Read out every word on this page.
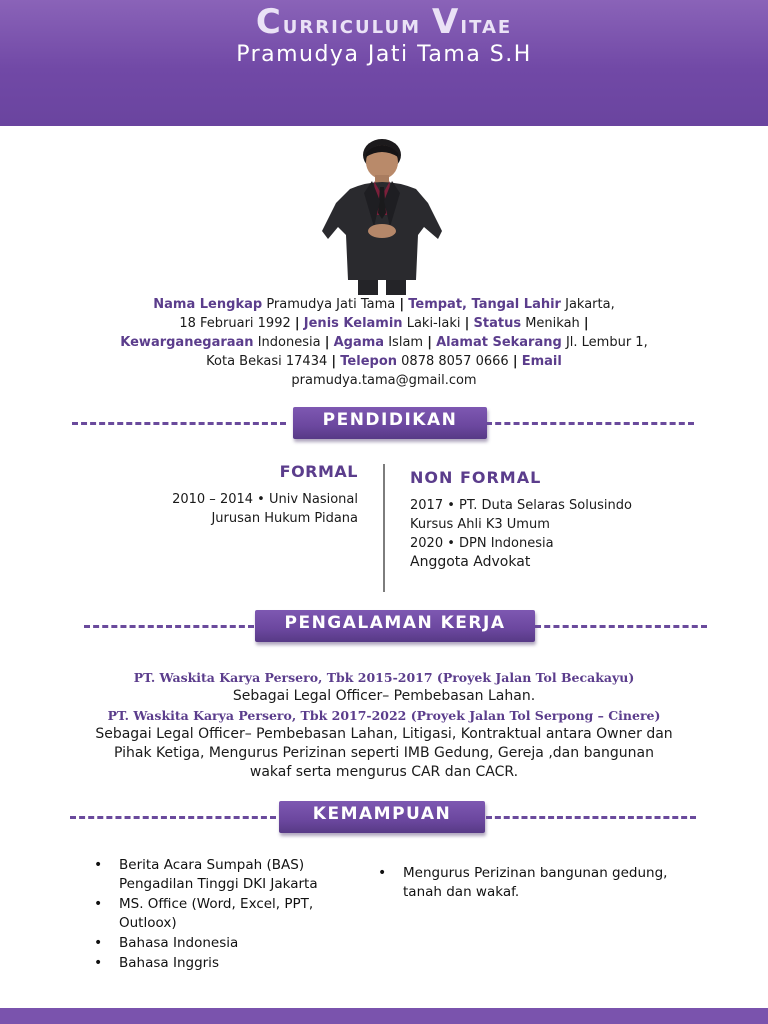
Curriculum Vitae
Pramudya Jati Tama S.H
Nama Lengkap Pramudya Jati Tama | Tempat, Tangal Lahir Jakarta,
18 Februari 1992 | Jenis Kelamin Laki-laki | Status Menikah |
Kewarganegaraan Indonesia | Agama Islam | Alamat Sekarang Jl. Lembur 1,
Kota Bekasi 17434 | Telepon 0878 8057 0666 | Email
pramudya.tama@gmail.com
PENDIDIKAN
FORMAL
2010 – 2014 • Univ Nasional
Jurusan Hukum Pidana
NON FORMAL
2017 • PT. Duta Selaras Solusindo
Kursus Ahli K3 Umum
2020 • DPN Indonesia
Anggota Advokat
PENGALAMAN KERJA
PT. Waskita Karya Persero, Tbk 2015-2017 (Proyek Jalan Tol Becakayu)
Sebagai Legal Officer– Pembebasan Lahan.
PT. Waskita Karya Persero, Tbk 2017-2022 (Proyek Jalan Tol Serpong – Cinere)
Sebagai Legal Officer– Pembebasan Lahan, Litigasi, Kontraktual antara Owner dan
Pihak Ketiga, Mengurus Perizinan seperti IMB Gedung, Gereja ,dan bangunan
wakaf serta mengurus CAR dan CACR.
KEMAMPUAN
• Berita Acara Sumpah (BAS) Pengadilan Tinggi DKI Jakarta
• MS. Office (Word, Excel, PPT, Outloox)
• Bahasa Indonesia
• Bahasa Inggris
• Mengurus Perizinan bangunan gedung, tanah dan wakaf.
